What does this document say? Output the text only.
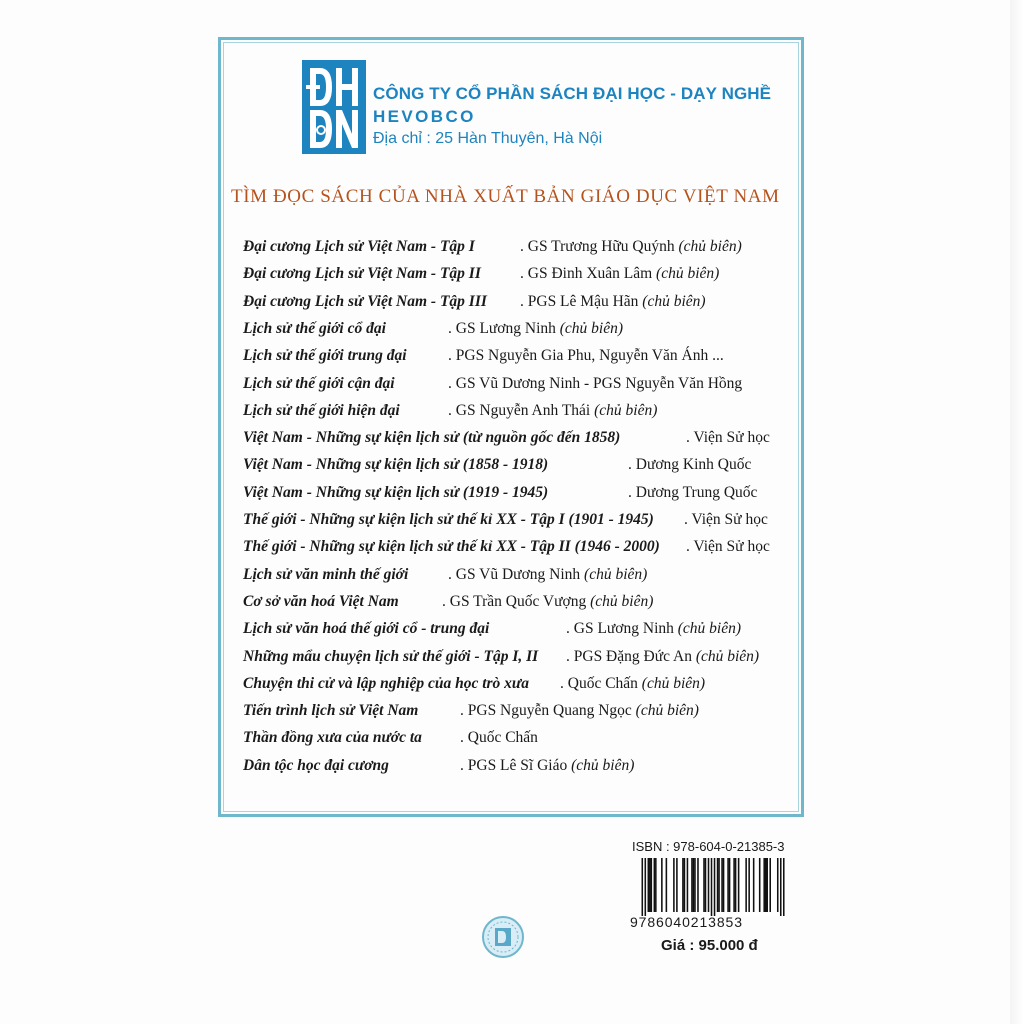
CÔNG TY CỔ PHẦN SÁCH ĐẠI HỌC - DẠY NGHỀ
HEVOBCO
Địa chỉ : 25 Hàn Thuyên, Hà Nội
TÌM ĐỌC SÁCH CỦA NHÀ XUẤT BẢN GIÁO DỤC VIỆT NAM
Đại cương Lịch sử Việt Nam - Tập I	. GS Trương Hữu Quýnh (chủ biên)
Đại cương Lịch sử Việt Nam - Tập II	. GS Đinh Xuân Lâm (chủ biên)
Đại cương Lịch sử Việt Nam - Tập III . PGS Lê Mậu Hãn (chủ biên)
Lịch sử thế giới cổ đại	. GS Lương Ninh (chủ biên)
Lịch sử thế giới trung đại	. PGS Nguyễn Gia Phu, Nguyễn Văn Ánh ...
Lịch sử thế giới cận đại	. GS Vũ Dương Ninh - PGS Nguyễn Văn Hồng
Lịch sử thế giới hiện đại	. GS Nguyễn Anh Thái (chủ biên)
Việt Nam - Những sự kiện lịch sử (từ nguồn gốc đến 1858)	. Viện Sử học
Việt Nam - Những sự kiện lịch sử (1858 - 1918)	. Dương Kinh Quốc
Việt Nam - Những sự kiện lịch sử (1919 - 1945)	. Dương Trung Quốc
Thế giới - Những sự kiện lịch sử thế kỉ XX - Tập I (1901 - 1945) . Viện Sử học
Thế giới - Những sự kiện lịch sử thế kỉ XX - Tập II (1946 - 2000) . Viện Sử học
Lịch sử văn minh thế giới	. GS Vũ Dương Ninh (chủ biên)
Cơ sở văn hoá Việt Nam	. GS Trần Quốc Vượng (chủ biên)
Lịch sử văn hoá thế giới cổ - trung đại	. GS Lương Ninh (chủ biên)
Những mẩu chuyện lịch sử thế giới - Tập I, II . PGS Đặng Đức An (chủ biên)
Chuyện thi cử và lập nghiệp của học trò xưa . Quốc Chấn (chủ biên)
Tiến trình lịch sử Việt Nam	. PGS Nguyễn Quang Ngọc (chủ biên)
Thần đồng xưa của nước ta . Quốc Chấn
Dân tộc học đại cương	. PGS Lê Sĩ Giáo (chủ biên)
ISBN : 978-604-0-21385-3
9786040213853
Giá : 95.000 đ
